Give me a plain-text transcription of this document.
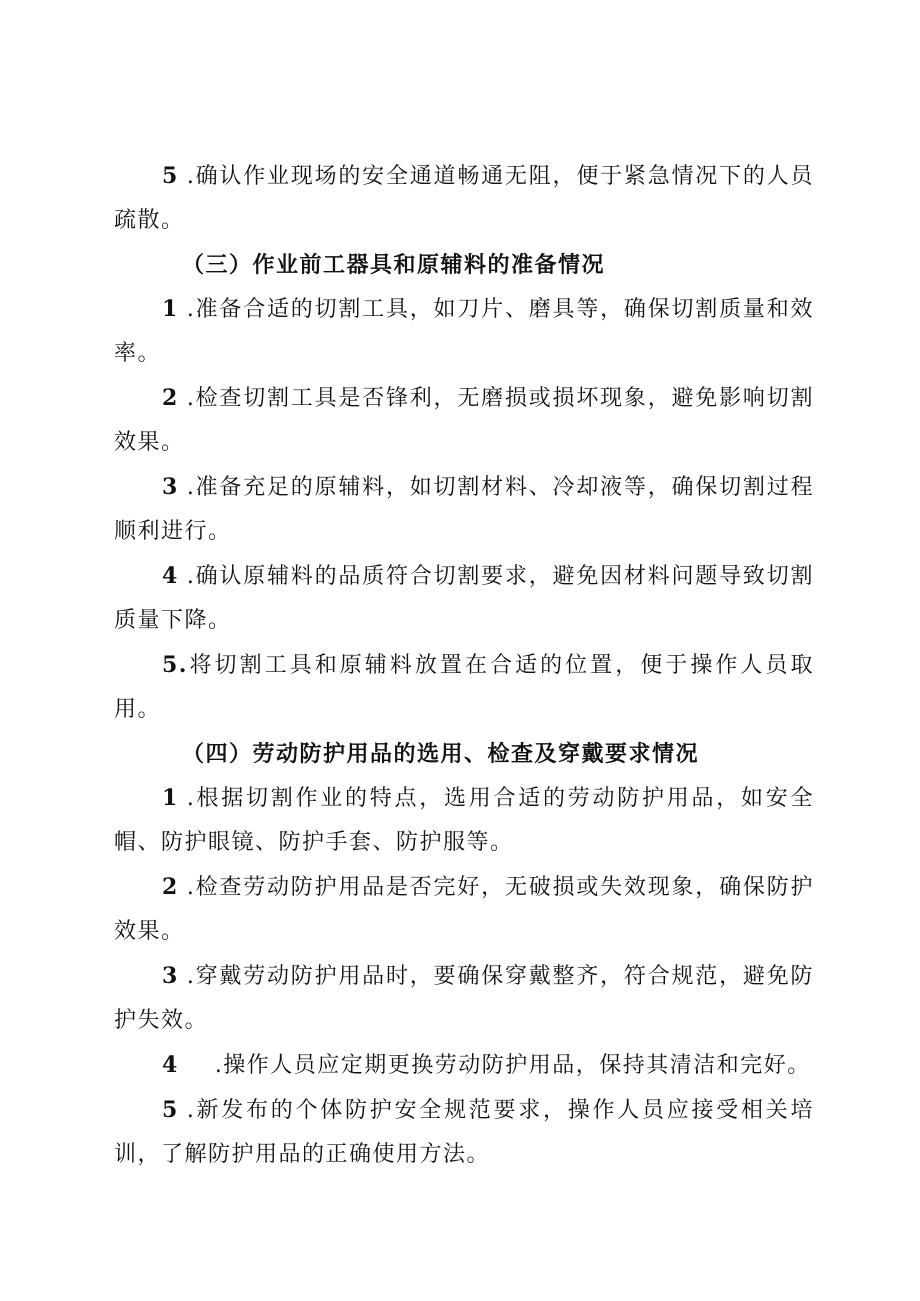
5 .确认作业现场的安全通道畅通无阻，便于紧急情况下的人员疏散。

（三）作业前工器具和原辅料的准备情况

1 .准备合适的切割工具，如刀片、磨具等，确保切割质量和效率。

2 .检查切割工具是否锋利，无磨损或损坏现象，避免影响切割效果。

3 .准备充足的原辅料，如切割材料、冷却液等，确保切割过程顺利进行。

4 .确认原辅料的品质符合切割要求，避免因材料问题导致切割质量下降。

5.将切割工具和原辅料放置在合适的位置，便于操作人员取用。

（四）劳动防护用品的选用、检查及穿戴要求情况

1 .根据切割作业的特点，选用合适的劳动防护用品，如安全帽、防护眼镜、防护手套、防护服等。

2 .检查劳动防护用品是否完好，无破损或失效现象，确保防护效果。

3 .穿戴劳动防护用品时，要确保穿戴整齐，符合规范，避免防护失效。

4 .操作人员应定期更换劳动防护用品，保持其清洁和完好。

5 .新发布的个体防护安全规范要求，操作人员应接受相关培训，了解防护用品的正确使用方法。
